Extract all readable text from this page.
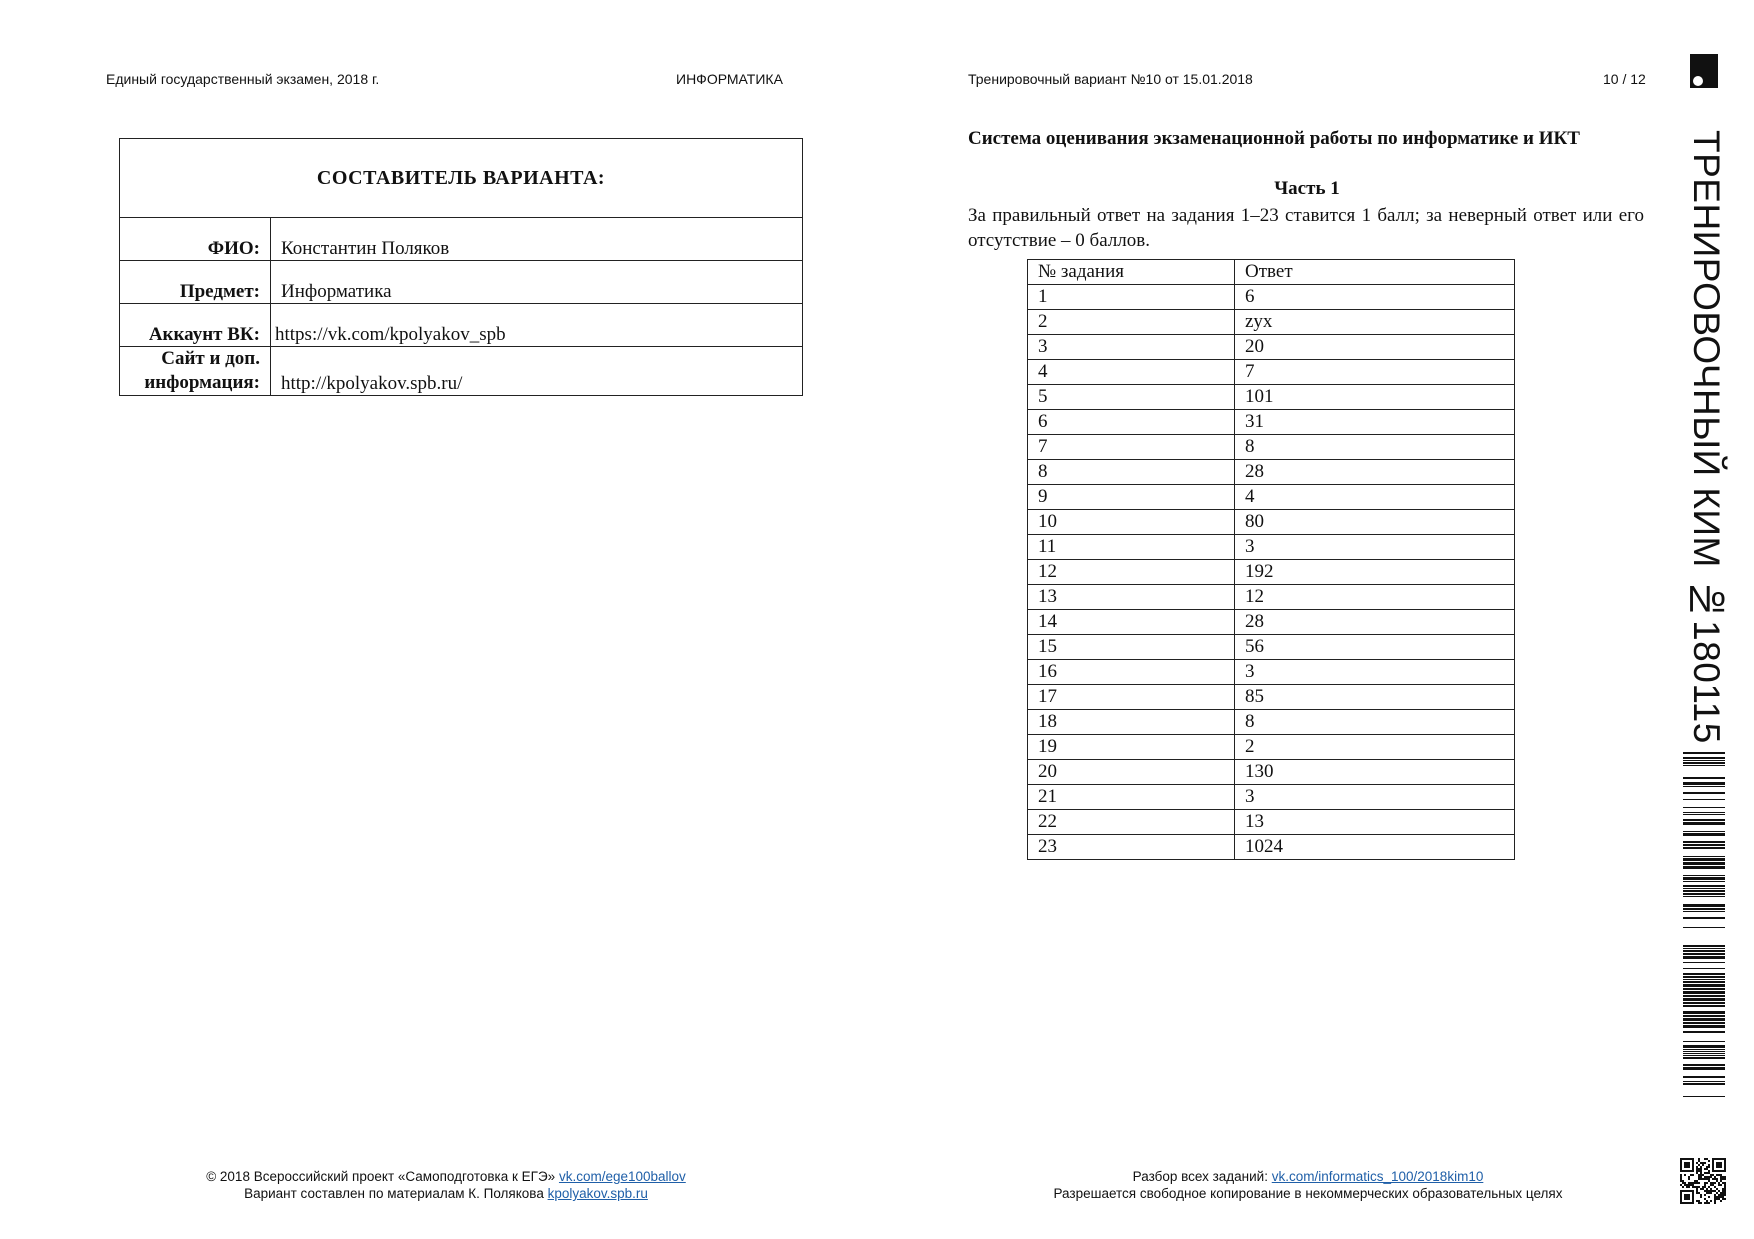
Единый государственный экзамен, 2018 г.	ИНФОРМАТИКА
СОСТАВИТЕЛЬ ВАРИАНТА:	
ФИО:	Константин Поляков
Предмет:	Информатика
Аккаунт ВК:	https://vk.com/kpolyakov_spb
Сайт и доп. информация:	http://kpolyakov.spb.ru/
Тренировочный вариант №10 от 15.01.2018	10 / 12
Система оценивания экзаменационной работы по информатике и ИКТ
Часть 1
За правильный ответ на задания 1–23 ставится 1 балл; за неверный ответ или его отсутствие – 0 баллов.
№ задания	Ответ
1	6
2	zyx
3	20
4	7
5	101
6	31
7	8
8	28
9	4
10	80
11	3
12	192
13	12
14	28
15	56
16	3
17	85
18	8
19	2
20	130
21	3
22	13
23	1024
ТРЕНИРОВОЧНЫЙ КИМ №180115
© 2018 Всероссийский проект «Самоподготовка к ЕГЭ» vk.com/ege100ballov
Вариант составлен по материалам К. Полякова kpolyakov.spb.ru
Разбор всех заданий: vk.com/informatics_100/2018kim10
Разрешается свободное копирование в некоммерческих образовательных целях
